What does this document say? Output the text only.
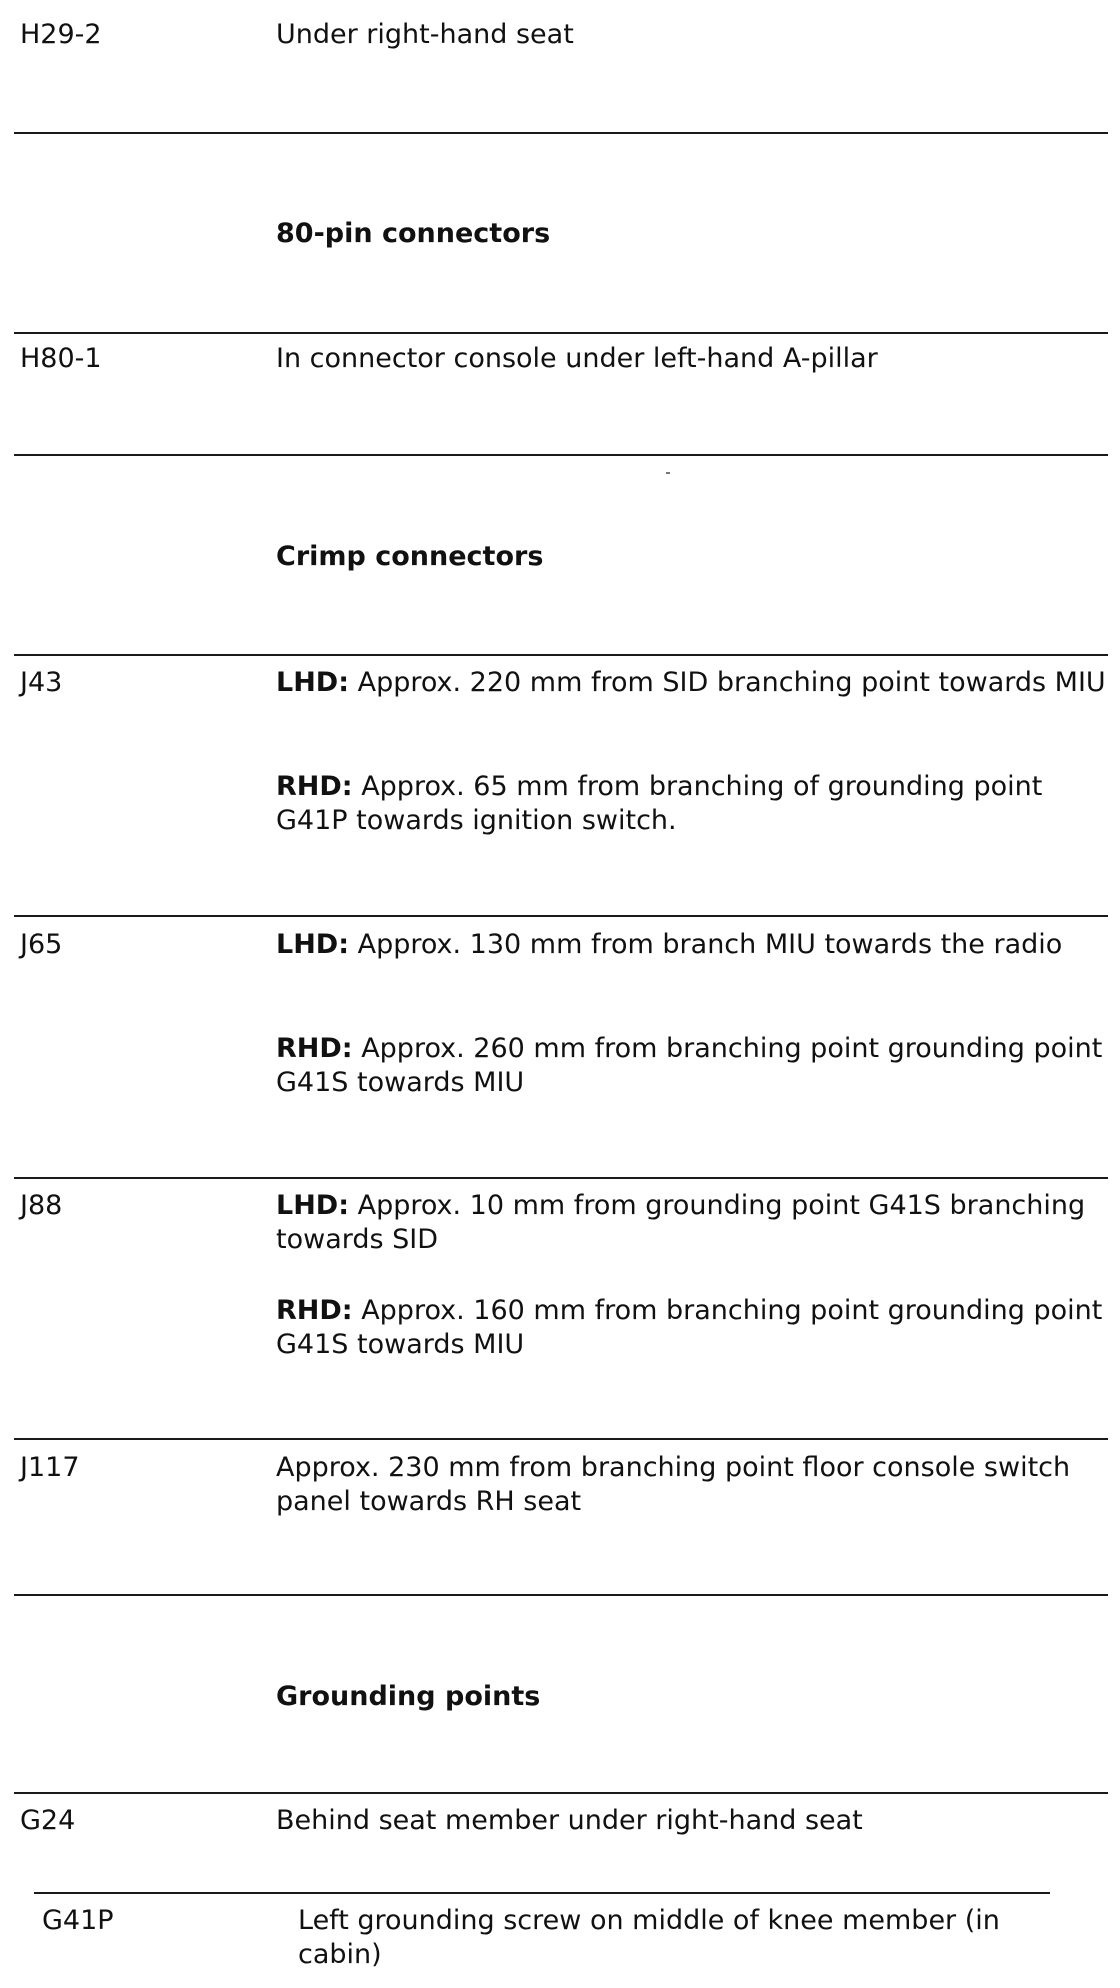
H29-2	Under right-hand seat
80-pin connectors
H80-1	In connector console under left-hand A-pillar
Crimp connectors
J43	LHD: Approx. 220 mm from SID branching point towards MIU
RHD: Approx. 65 mm from branching of grounding point G41P towards ignition switch.
J65	LHD: Approx. 130 mm from branch MIU towards the radio
RHD: Approx. 260 mm from branching point grounding point G41S towards MIU
J88	LHD: Approx. 10 mm from grounding point G41S branching towards SID
RHD: Approx. 160 mm from branching point grounding point G41S towards MIU
J117	Approx. 230 mm from branching point floor console switch panel towards RH seat
Grounding points
G24	Behind seat member under right-hand seat
G41P	Left grounding screw on middle of knee member (in cabin)
